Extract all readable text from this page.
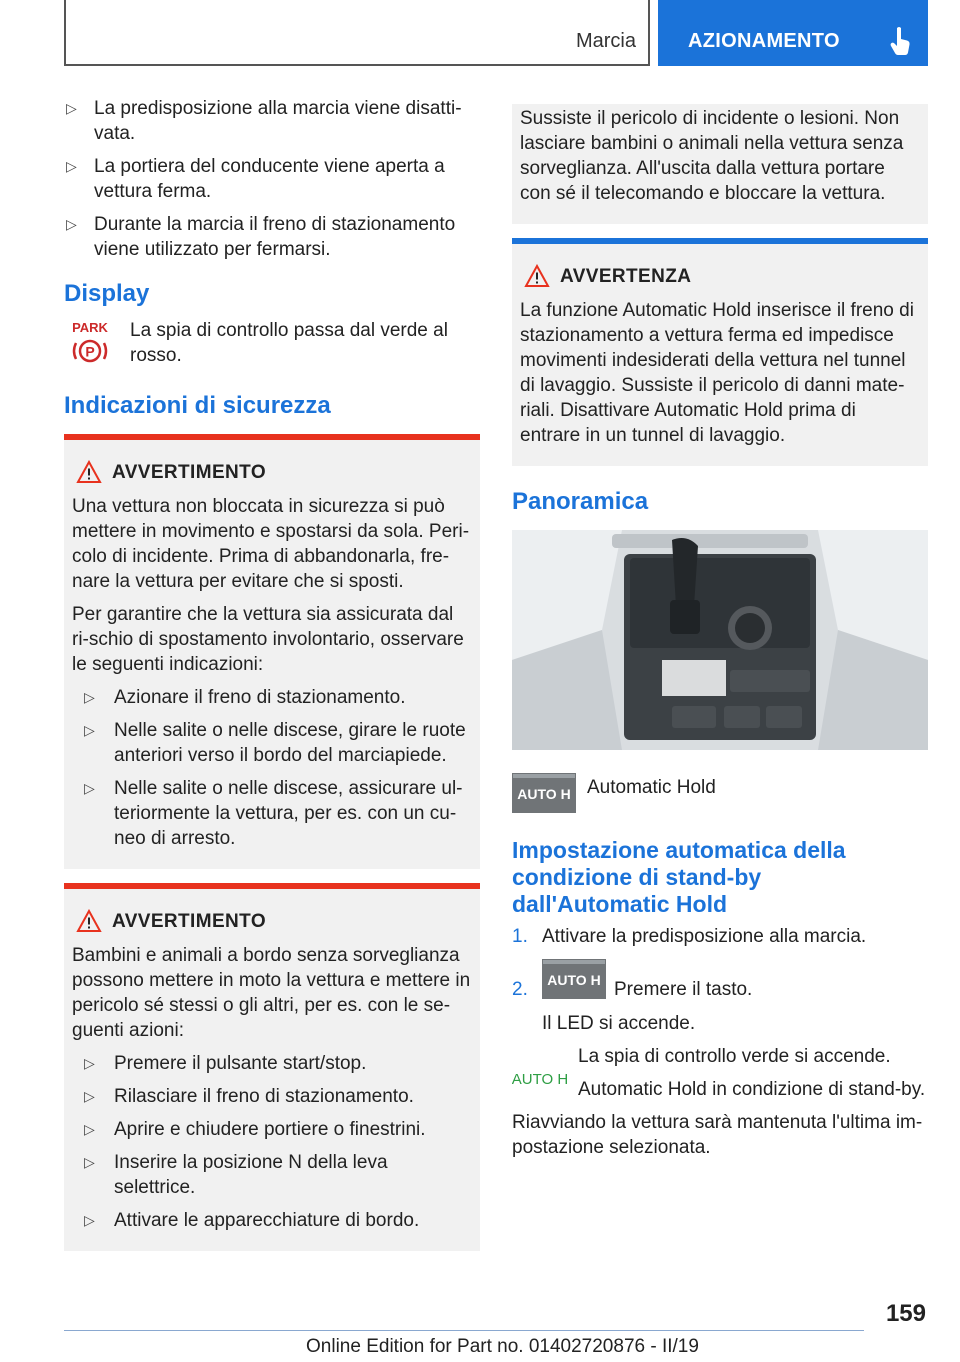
Marcia	AZIONAMENTO
▷ La predisposizione alla marcia viene disatti-vata.
▷ La portiera del conducente viene aperta a vettura ferma.
▷ Durante la marcia il freno di stazionamento viene utilizzato per fermarsi.
Display
PARK
P
La spia di controllo passa dal verde al rosso.
Indicazioni di sicurezza
AVVERTIMENTO

Una vettura non bloccata in sicurezza si può mettere in movimento e spostarsi da sola. Peri-colo di incidente. Prima di abbandonarla, fre-nare la vettura per evitare che si sposti.

Per garantire che la vettura sia assicurata dal ri-schio di spostamento involontario, osservare le seguenti indicazioni:

▷ Azionare il freno di stazionamento.
▷ Nelle salite o nelle discese, girare le ruote anteriori verso il bordo del marciapiede.
▷ Nelle salite o nelle discese, assicurare ul-teriormente la vettura, per es. con un cu-neo di arresto.
AVVERTIMENTO

Bambini e animali a bordo senza sorveglianza possono mettere in moto la vettura e mettere in pericolo sé stessi o gli altri, per es. con le se-guenti azioni:

▷ Premere il pulsante start/stop.
▷ Rilasciare il freno di stazionamento.
▷ Aprire e chiudere portiere o finestrini.
▷ Inserire la posizione N della leva selettrice.
▷ Attivare le apparecchiature di bordo.

Sussiste il pericolo di incidente o lesioni. Non lasciare bambini o animali nella vettura senza sorveglianza. All'uscita dalla vettura portare con sé il telecomando e bloccare la vettura.

AVVERTENZA

La funzione Automatic Hold inserisce il freno di stazionamento a vettura ferma ed impedisce movimenti indesiderati della vettura nel tunnel di lavaggio. Sussiste il pericolo di danni mate-riali. Disattivare Automatic Hold prima di entrare in un tunnel di lavaggio.

Panoramica
AUTO H Automatic Hold
Impostazione automatica della condizione di stand-by dall'Automatic Hold
1. Attivare la predisposizione alla marcia.
2. AUTO H Premere il tasto.

Il LED si accende.

AUTO H

La spia di controllo verde si accende.

Automatic Hold in condizione di stand-by.

Riavviando la vettura sarà mantenuta l'ultima im-postazione selezionata.

159
Online Edition for Part no. 01402720876 - II/19
